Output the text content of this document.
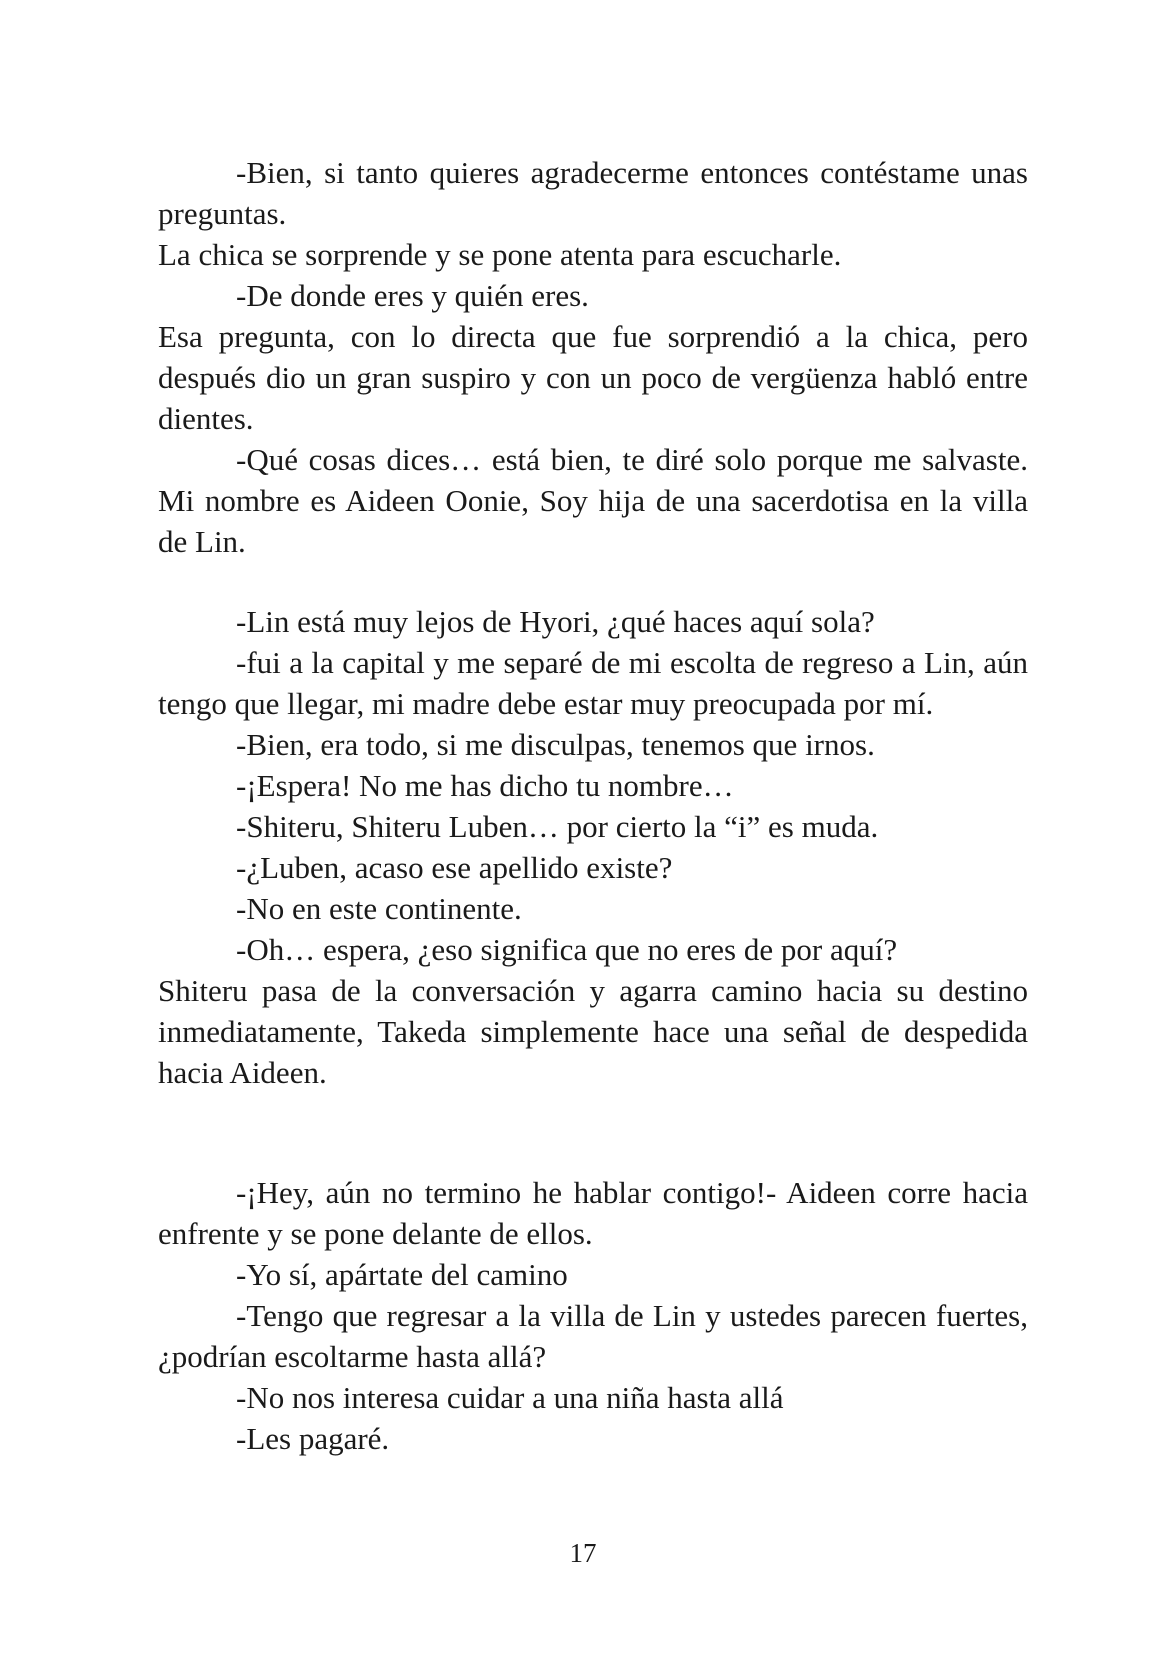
-Bien, si tanto quieres agradecerme entonces contéstame unas preguntas.

La chica se sorprende y se pone atenta para escucharle.

-De donde eres y quién eres.

Esa pregunta, con lo directa que fue sorprendió a la chica, pero después dio un gran suspiro y con un poco de vergüenza habló entre dientes.

-Qué cosas dices… está bien, te diré solo porque me salvaste. Mi nombre es Aideen Oonie, Soy hija de una sacerdotisa en la villa de Lin.

-Lin está muy lejos de Hyori, ¿qué haces aquí sola?

-fui a la capital y me separé de mi escolta de regreso a Lin, aún tengo que llegar, mi madre debe estar muy preocupada por mí.

-Bien, era todo, si me disculpas, tenemos que irnos.

-¡Espera! No me has dicho tu nombre…

-Shiteru, Shiteru Luben… por cierto la “i” es muda.

-¿Luben, acaso ese apellido existe?

-No en este continente.

-Oh… espera, ¿eso significa que no eres de por aquí?

Shiteru pasa de la conversación y agarra camino hacia su destino inmediatamente, Takeda simplemente hace una señal de despedida hacia Aideen.

-¡Hey, aún no termino he hablar contigo!- Aideen corre hacia enfrente y se pone delante de ellos.

-Yo sí, apártate del camino

-Tengo que regresar a la villa de Lin y ustedes parecen fuertes, ¿podrían escoltarme hasta allá?

-No nos interesa cuidar a una niña hasta allá

-Les pagaré.

17
